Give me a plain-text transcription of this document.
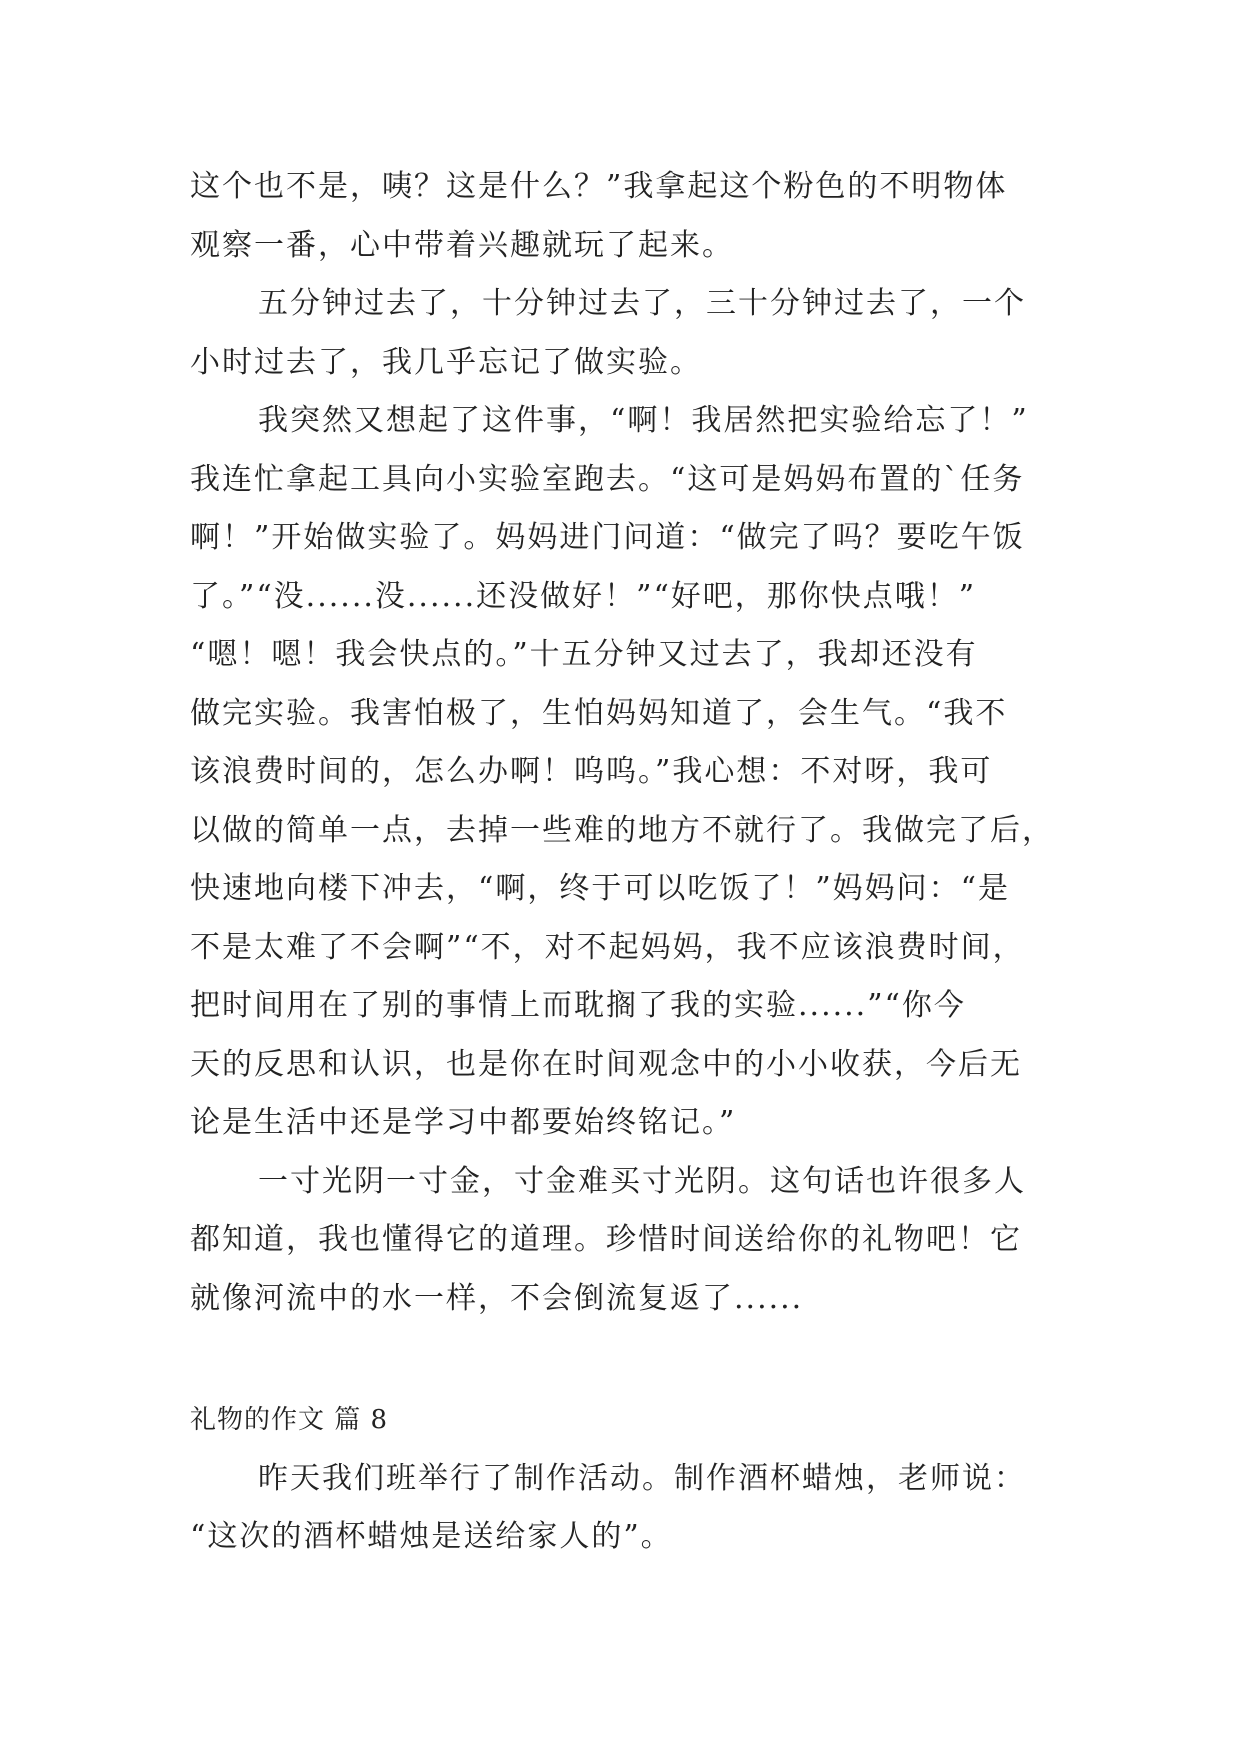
这个也不是，咦？这是什么？”我拿起这个粉色的不明物体
观察一番，心中带着兴趣就玩了起来。
五分钟过去了，十分钟过去了，三十分钟过去了，一个
小时过去了，我几乎忘记了做实验。
我突然又想起了这件事，“啊！我居然把实验给忘了！”
我连忙拿起工具向小实验室跑去。“这可是妈妈布置的`任务
啊！”开始做实验了。妈妈进门问道：“做完了吗？要吃午饭
了。”“没......没......还没做好！”“好吧，那你快点哦！”
“嗯！嗯！我会快点的。”十五分钟又过去了，我却还没有
做完实验。我害怕极了，生怕妈妈知道了，会生气。“我不
该浪费时间的，怎么办啊！呜呜。”我心想：不对呀，我可
以做的简单一点，去掉一些难的地方不就行了。我做完了后，
快速地向楼下冲去，“啊，终于可以吃饭了！”妈妈问：“是
不是太难了不会啊”“不，对不起妈妈，我不应该浪费时间，
把时间用在了别的事情上而耽搁了我的实验......”“你今
天的反思和认识，也是你在时间观念中的小小收获，今后无
论是生活中还是学习中都要始终铭记。”
一寸光阴一寸金，寸金难买寸光阴。这句话也许很多人
都知道，我也懂得它的道理。珍惜时间送给你的礼物吧！它
就像河流中的水一样，不会倒流复返了......
礼物的作文 篇 8
昨天我们班举行了制作活动。制作酒杯蜡烛，老师说：
“这次的酒杯蜡烛是送给家人的”。
